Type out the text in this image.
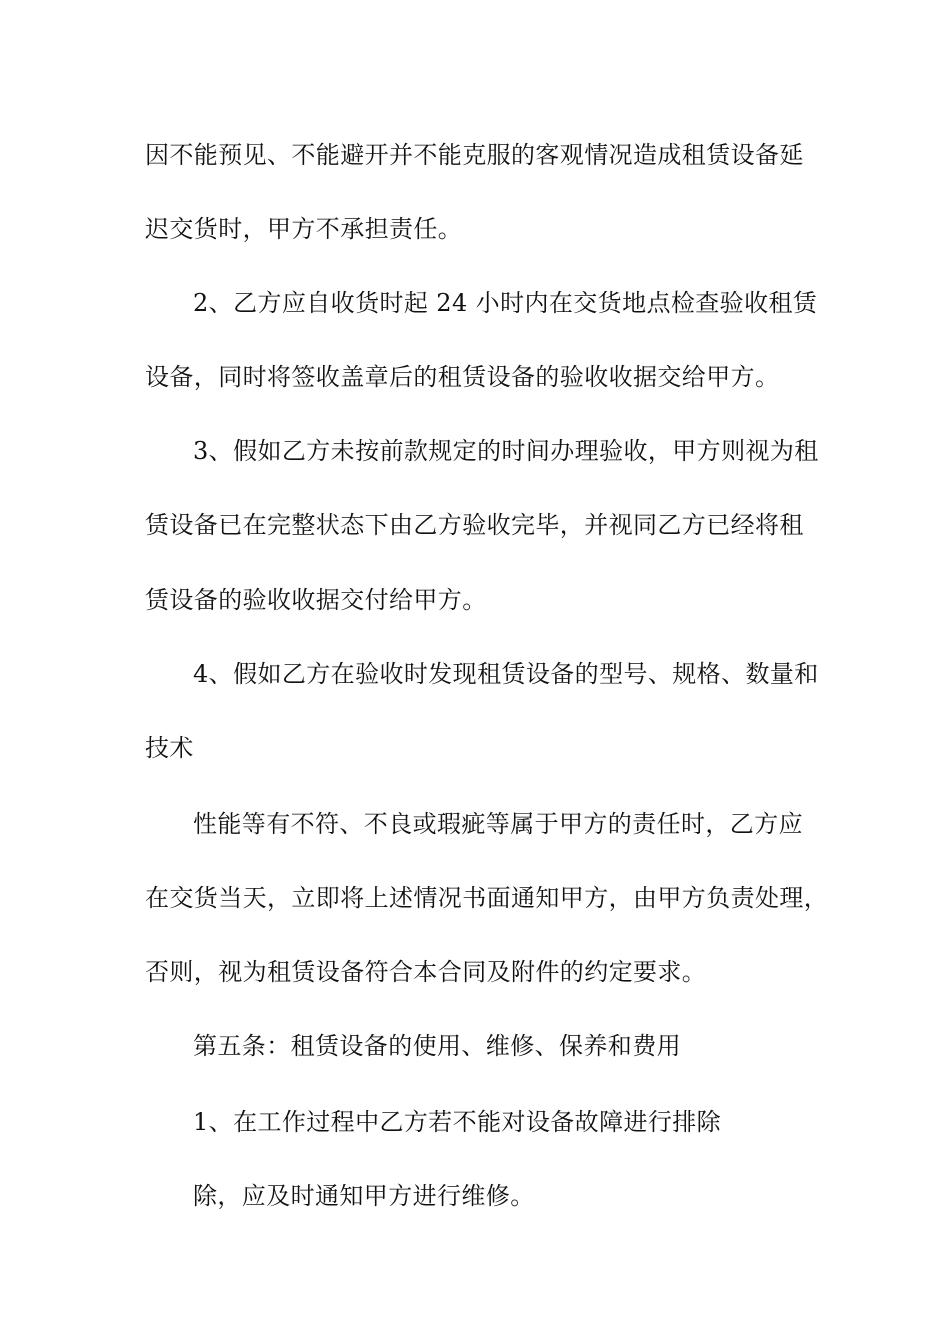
因不能预见、不能避开并不能克服的客观情况造成租赁设备延
迟交货时，甲方不承担责任。
2、乙方应自收货时起 24 小时内在交货地点检查验收租赁
设备，同时将签收盖章后的租赁设备的验收收据交给甲方。
3、假如乙方未按前款规定的时间办理验收，甲方则视为租
赁设备已在完整状态下由乙方验收完毕，并视同乙方已经将租
赁设备的验收收据交付给甲方。
4、假如乙方在验收时发现租赁设备的型号、规格、数量和
技术
性能等有不符、不良或瑕疵等属于甲方的责任时，乙方应
在交货当天，立即将上述情况书面通知甲方，由甲方负责处理，
否则，视为租赁设备符合本合同及附件的约定要求。
第五条：租赁设备的使用、维修、保养和费用
1、在工作过程中乙方若不能对设备故障进行排除
除，应及时通知甲方进行维修。
